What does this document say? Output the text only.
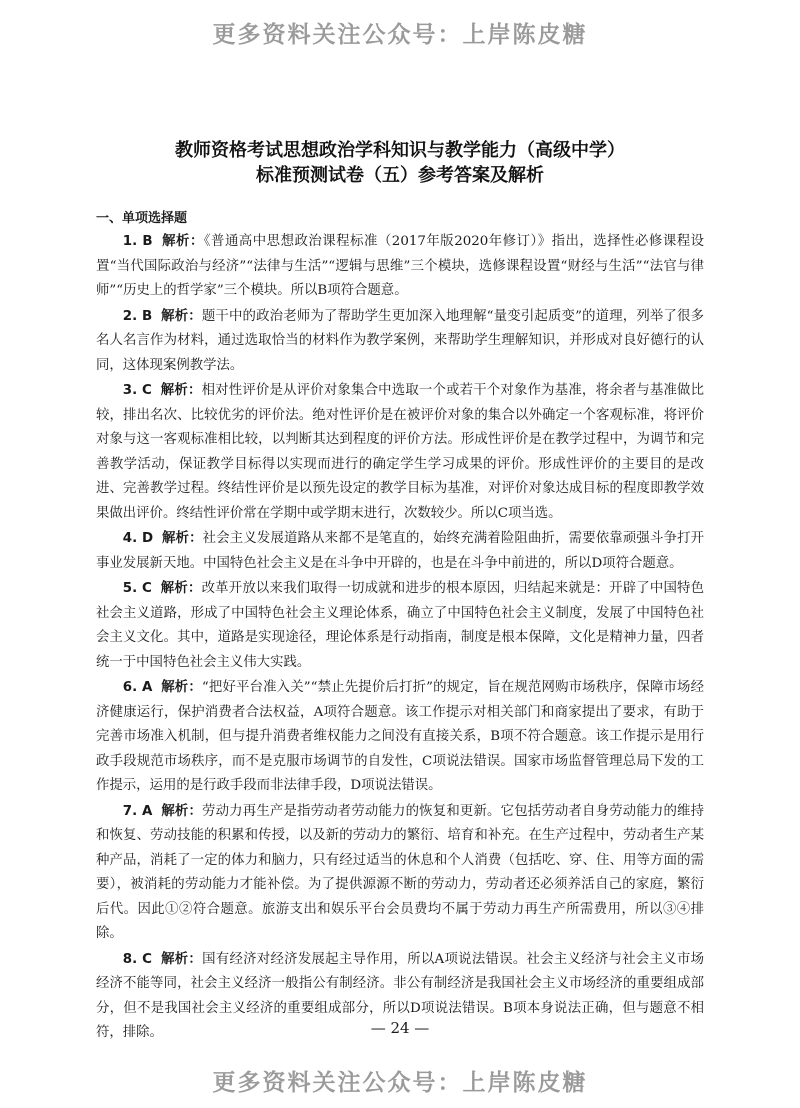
更多资料关注公众号：上岸陈皮糖
教师资格考试思想政治学科知识与教学能力（高级中学）
标准预测试卷（五）参考答案及解析
一、单项选择题

1. B 解析：《普通高中思想政治课程标准（2017年版2020年修订）》指出，选择性必修课程设置“当代国际政治与经济”“法律与生活”“逻辑与思维”三个模块，选修课程设置“财经与生活”“法官与律师”“历史上的哲学家”三个模块。所以B项符合题意。

2. B 解析：题干中的政治老师为了帮助学生更加深入地理解“量变引起质变”的道理，列举了很多名人名言作为材料，通过选取恰当的材料作为教学案例，来帮助学生理解知识，并形成对良好德行的认同，这体现案例教学法。

3. C 解析：相对性评价是从评价对象集合中选取一个或若干个对象作为基准，将余者与基准做比较，排出名次、比较优劣的评价法。绝对性评价是在被评价对象的集合以外确定一个客观标准，将评价对象与这一客观标准相比较，以判断其达到程度的评价方法。形成性评价是在教学过程中，为调节和完善教学活动，保证教学目标得以实现而进行的确定学生学习成果的评价。形成性评价的主要目的是改进、完善教学过程。终结性评价是以预先设定的教学目标为基准，对评价对象达成目标的程度即教学效果做出评价。终结性评价常在学期中或学期末进行，次数较少。所以C项当选。

4. D 解析：社会主义发展道路从来都不是笔直的，始终充满着险阻曲折，需要依靠顽强斗争打开事业发展新天地。中国特色社会主义是在斗争中开辟的，也是在斗争中前进的，所以D项符合题意。

5. C 解析：改革开放以来我们取得一切成就和进步的根本原因，归结起来就是：开辟了中国特色社会主义道路，形成了中国特色社会主义理论体系，确立了中国特色社会主义制度，发展了中国特色社会主义文化。其中，道路是实现途径，理论体系是行动指南，制度是根本保障，文化是精神力量，四者统一于中国特色社会主义伟大实践。

6. A 解析：“把好平台准入关”“禁止先提价后打折”的规定，旨在规范网购市场秩序，保障市场经济健康运行，保护消费者合法权益，A项符合题意。该工作提示对相关部门和商家提出了要求，有助于完善市场准入机制，但与提升消费者维权能力之间没有直接关系，B项不符合题意。该工作提示是用行政手段规范市场秩序，而不是克服市场调节的自发性，C项说法错误。国家市场监督管理总局下发的工作提示，运用的是行政手段而非法律手段，D项说法错误。

7. A 解析：劳动力再生产是指劳动者劳动能力的恢复和更新。它包括劳动者自身劳动能力的维持和恢复、劳动技能的积累和传授，以及新的劳动力的繁衍、培育和补充。在生产过程中，劳动者生产某种产品，消耗了一定的体力和脑力，只有经过适当的休息和个人消费（包括吃、穿、住、用等方面的需要），被消耗的劳动能力才能补偿。为了提供源源不断的劳动力，劳动者还必须养活自己的家庭，繁衍后代。因此①②符合题意。旅游支出和娱乐平台会员费均不属于劳动力再生产所需费用，所以③④排除。

8. C 解析：国有经济对经济发展起主导作用，所以A项说法错误。社会主义经济与社会主义市场经济不能等同，社会主义经济一般指公有制经济。非公有制经济是我国社会主义市场经济的重要组成部分，但不是我国社会主义经济的重要组成部分，所以D项说法错误。B项本身说法正确，但与题意不相符，排除。	— 24 —
更多资料关注公众号：上岸陈皮糖
